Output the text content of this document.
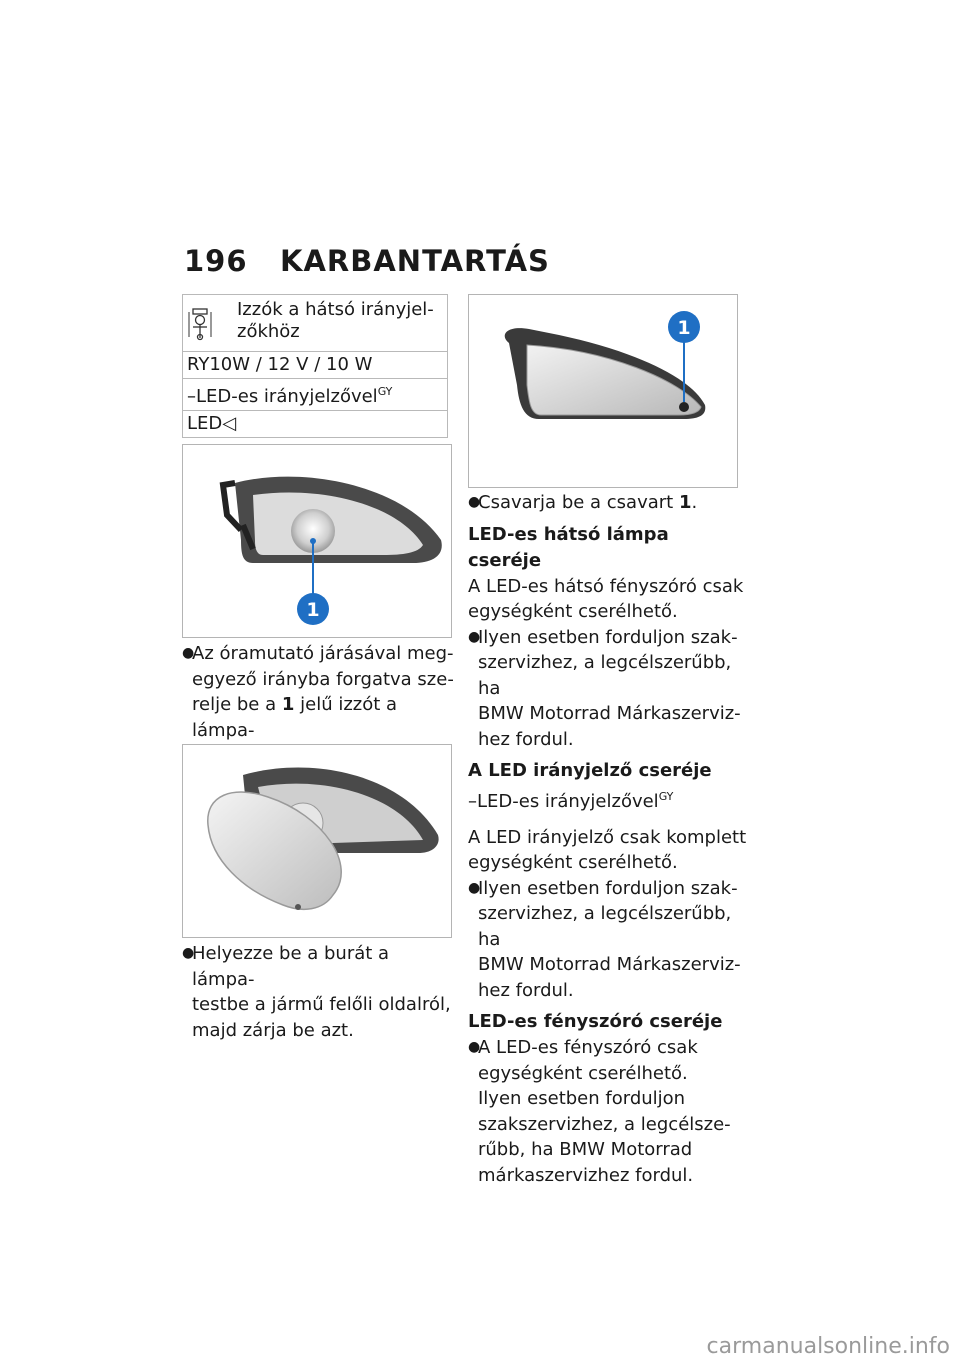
196 KARBANTARTÁS
Izzók a hátsó irányjel-
zőkhöz

RY10W / 12 V / 10 W
–LED-es irányjelzővel$^{GY}$
LED◁
1
●
Az óramutató járásával meg-
egyező irányba forgatva sze-
relje be a 1 jelű izzót a lámpa-
●
Helyezze be a burát a lámpa-
testbe a jármű felőli oldalról,
majd zárja be azt.
1
●
Csavarja be a csavart 1.
LED-es hátsó lámpa cseréje
A LED-es hátsó fényszóró csak
egységként cserélhető.
●
Ilyen esetben forduljon szak-
szervizhez, a legcélszerűbb, ha
BMW Motorrad Márkaszerviz-
hez fordul.
A LED irányjelző cseréje
–LED-es irányjelzővel$^{GY}$
A LED irányjelző csak komplett
egységként cserélhető.
●
Ilyen esetben forduljon szak-
szervizhez, a legcélszerűbb, ha
BMW Motorrad Márkaszerviz-
hez fordul.
LED-es fényszóró cseréje
●
A LED-es fényszóró csak
egységként cserélhető.
Ilyen esetben forduljon
szakszervizhez, a legcélsze-
rűbb, ha BMW Motorrad
márkaszervizhez fordul.
carmanualsonline.info
